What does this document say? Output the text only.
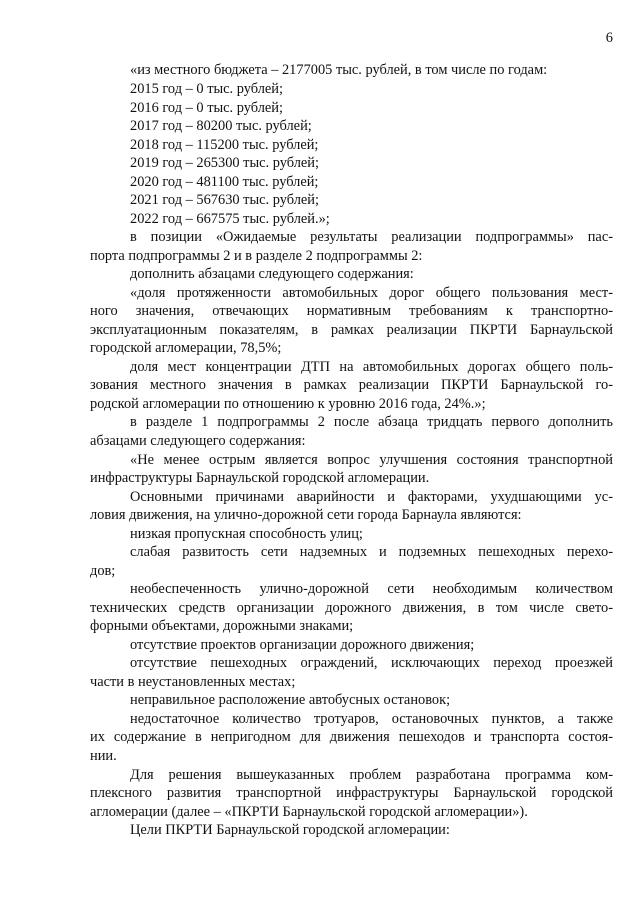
6
«из местного бюджета – 2177005 тыс. рублей, в том числе по годам:
2015 год – 0 тыс. рублей;
2016 год – 0 тыс. рублей;
2017 год – 80200 тыс. рублей;
2018 год – 115200 тыс. рублей;
2019 год – 265300 тыс. рублей;
2020 год – 481100 тыс. рублей;
2021 год – 567630 тыс. рублей;
2022 год – 667575 тыс. рублей.»;
в позиции «Ожидаемые результаты реализации подпрограммы» пас-
порта подпрограммы 2 и в разделе 2 подпрограммы 2:
дополнить абзацами следующего содержания:
«доля протяженности автомобильных дорог общего пользования мест-
ного значения, отвечающих нормативным требованиям к транспортно-
эксплуатационным показателям, в рамках реализации ПКРТИ Барнаульской
городской агломерации, 78,5%;
доля мест концентрации ДТП на автомобильных дорогах общего поль-
зования местного значения в рамках реализации ПКРТИ Барнаульской го-
родской агломерации по отношению к уровню 2016 года, 24%.»;
в разделе 1 подпрограммы 2 после абзаца тридцать первого дополнить
абзацами следующего содержания:
«Не менее острым является вопрос улучшения состояния транспортной
инфраструктуры Барнаульской городской агломерации.
Основными причинами аварийности и факторами, ухудшающими ус-
ловия движения, на улично-дорожной сети города Барнаула являются:
низкая пропускная способность улиц;
слабая развитость сети надземных и подземных пешеходных перехо-
дов;
необеспеченность улично-дорожной сети необходимым количеством
технических средств организации дорожного движения, в том числе свето-
форными объектами, дорожными знаками;
отсутствие проектов организации дорожного движения;
отсутствие пешеходных ограждений, исключающих переход проезжей
части в неустановленных местах;
неправильное расположение автобусных остановок;
недостаточное количество тротуаров, остановочных пунктов, а также
их содержание в непригодном для движения пешеходов и транспорта состоя-
нии.
Для решения вышеуказанных проблем разработана программа ком-
плексного развития транспортной инфраструктуры Барнаульской городской
агломерации (далее – «ПКРТИ Барнаульской городской агломерации»).
Цели ПКРТИ Барнаульской городской агломерации:
